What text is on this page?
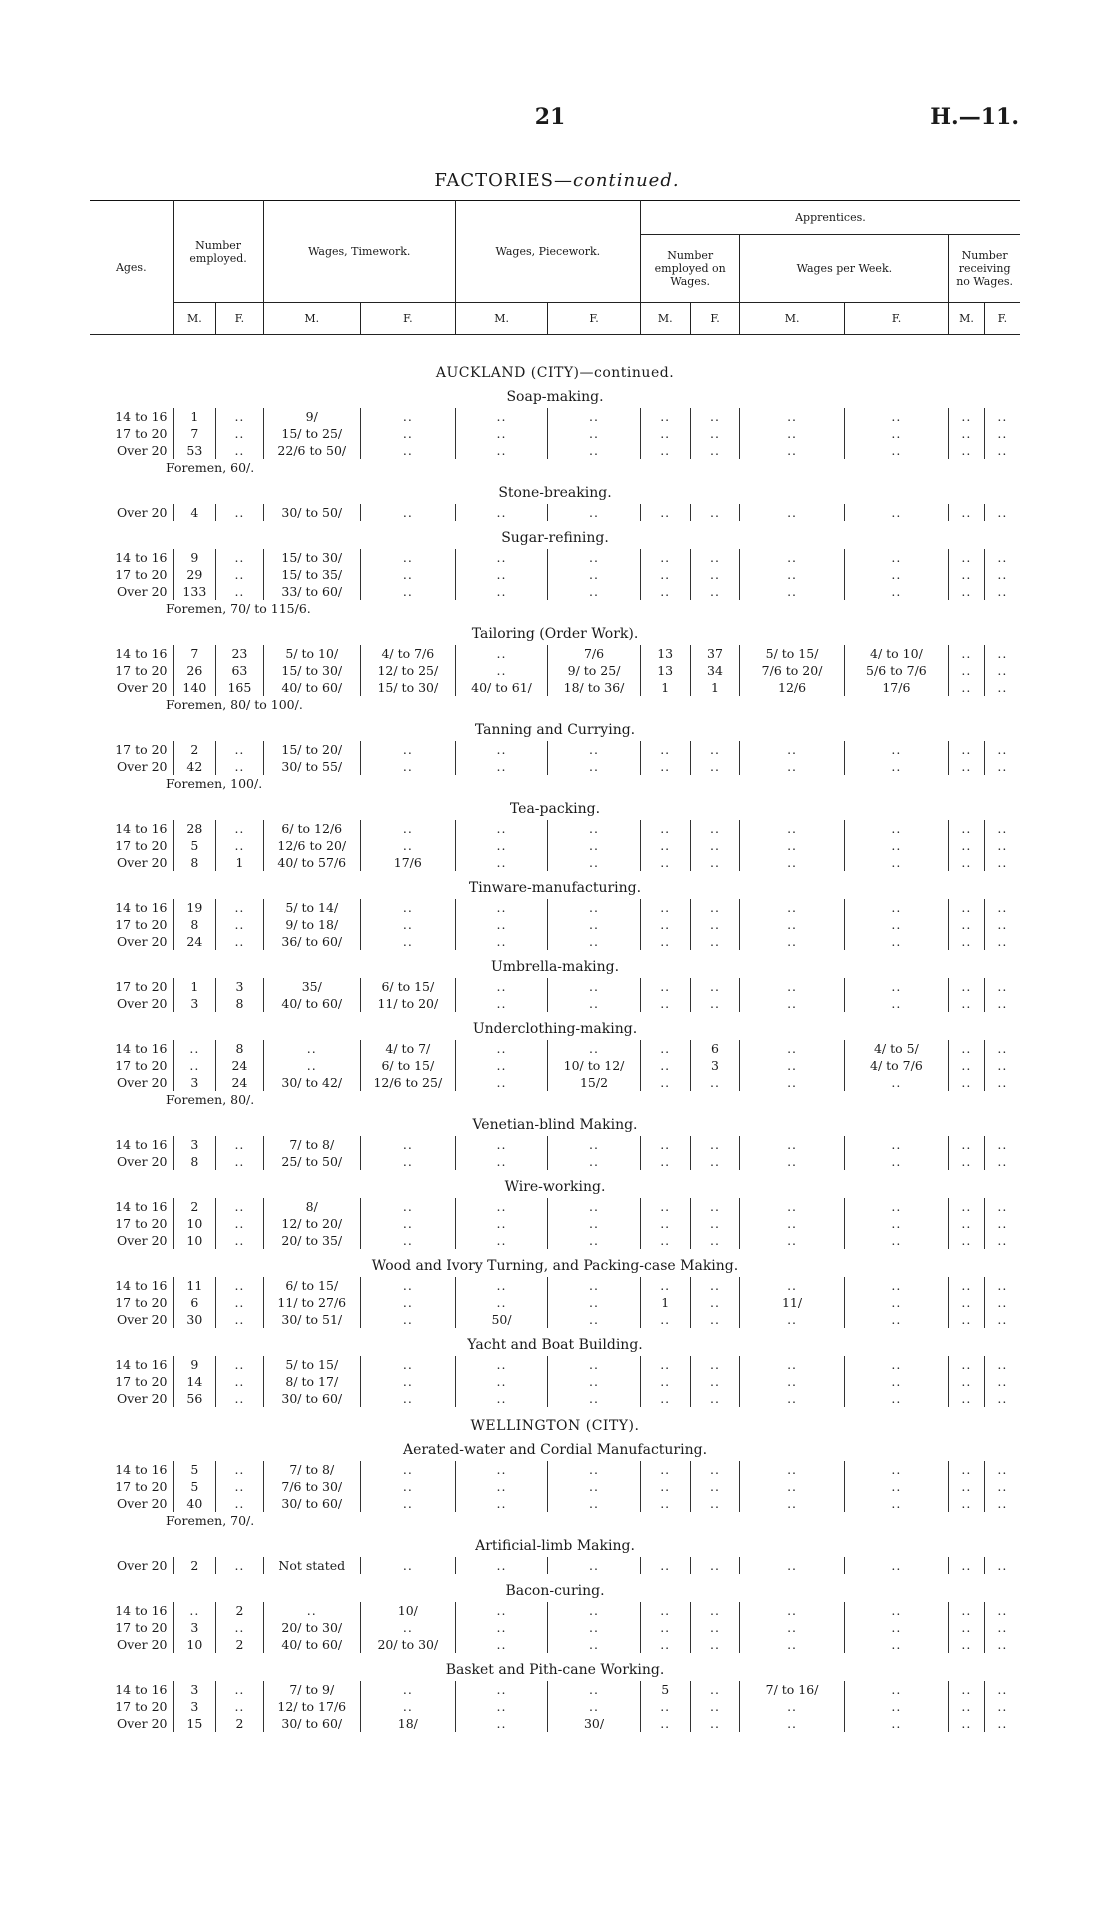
21	H.—11.
FACTORIES—continued.
Ages.	Number employed.		Wages, Timework.		Wages, Piecework.		Apprentices.					
							Number employed on Wages.		Wages per Week.		Number receiving no Wages.	
	M.	F.	M.	F.	M.	F.	M.	F.	M.	F.	M.	F.
AUCKLAND (CITY)—continued.												
Soap-making.												
14 to 16	1	..	9/	..	..	..	..	..	..	..	..	..
17 to 20	7	..	15/ to 25/	..	..	..	..	..	..	..	..	..
Over 20	53	..	22/6 to 50/	..	..	..	..	..	..	..	..	..
Foremen, 60/.												

Stone-breaking.												
Over 20	4	..	30/ to 50/	..	..	..	..	..	..	..	..	..

Sugar-refining.												
14 to 16	9	..	15/ to 30/	..	..	..	..	..	..	..	..	..
17 to 20	29	..	15/ to 35/	..	..	..	..	..	..	..	..	..
Over 20	133	..	33/ to 60/	..	..	..	..	..	..	..	..	..
Foremen, 70/ to 115/6.												

Tailoring (Order Work).												
14 to 16	7	23	5/ to 10/	4/ to 7/6	..	7/6	13	37	5/ to 15/	4/ to 10/	..	..
17 to 20	26	63	15/ to 30/	12/ to 25/	..	9/ to 25/	13	34	7/6 to 20/	5/6 to 7/6	..	..
Over 20	140	165	40/ to 60/	15/ to 30/	40/ to 61/	18/ to 36/	1	1	12/6	17/6	..	..
Foremen, 80/ to 100/.												

Tanning and Currying.												
17 to 20	2	..	15/ to 20/	..	..	..	..	..	..	..	..	..
Over 20	42	..	30/ to 55/	..	..	..	..	..	..	..	..	..
Foremen, 100/.												

Tea-packing.												
14 to 16	28	..	6/ to 12/6	..	..	..	..	..	..	..	..	..
17 to 20	5	..	12/6 to 20/	..	..	..	..	..	..	..	..	..
Over 20	8	1	40/ to 57/6	17/6	..	..	..	..	..	..	..	..

Tinware-manufacturing.												
14 to 16	19	..	5/ to 14/	..	..	..	..	..	..	..	..	..
17 to 20	8	..	9/ to 18/	..	..	..	..	..	..	..	..	..
Over 20	24	..	36/ to 60/	..	..	..	..	..	..	..	..	..

Umbrella-making.												
17 to 20	1	3	35/	6/ to 15/	..	..	..	..	..	..	..	..
Over 20	3	8	40/ to 60/	11/ to 20/	..	..	..	..	..	..	..	..

Underclothing-making.												
14 to 16	..	8	..	4/ to 7/	..	..	..	6	..	4/ to 5/	..	..
17 to 20	..	24	..	6/ to 15/	..	10/ to 12/	..	3	..	4/ to 7/6	..	..
Over 20	3	24	30/ to 42/	12/6 to 25/	..	15/2	..	..	..	..	..	..
Foremen, 80/.												

Venetian-blind Making.												
14 to 16	3	..	7/ to 8/	..	..	..	..	..	..	..	..	..
Over 20	8	..	25/ to 50/	..	..	..	..	..	..	..	..	..

Wire-working.												
14 to 16	2	..	8/	..	..	..	..	..	..	..	..	..
17 to 20	10	..	12/ to 20/	..	..	..	..	..	..	..	..	..
Over 20	10	..	20/ to 35/	..	..	..	..	..	..	..	..	..

Wood and Ivory Turning, and Packing-case Making.												
14 to 16	11	..	6/ to 15/	..	..	..	..	..	..	..	..	..
17 to 20	6	..	11/ to 27/6	..	..	..	1	..	11/	..	..	..
Over 20	30	..	30/ to 51/	..	50/	..	..	..	..	..	..	..

Yacht and Boat Building.												
14 to 16	9	..	5/ to 15/	..	..	..	..	..	..	..	..	..
17 to 20	14	..	8/ to 17/	..	..	..	..	..	..	..	..	..
Over 20	56	..	30/ to 60/	..	..	..	..	..	..	..	..	..

WELLINGTON (CITY).												
Aerated-water and Cordial Manufacturing.												
14 to 16	5	..	7/ to 8/	..	..	..	..	..	..	..	..	..
17 to 20	5	..	7/6 to 30/	..	..	..	..	..	..	..	..	..
Over 20	40	..	30/ to 60/	..	..	..	..	..	..	..	..	..
Foremen, 70/.												

Artificial-limb Making.												
Over 20	2	..	Not stated	..	..	..	..	..	..	..	..	..

Bacon-curing.												
14 to 16	..	2	..	10/	..	..	..	..	..	..	..	..
17 to 20	3	..	20/ to 30/	..	..	..	..	..	..	..	..	..
Over 20	10	2	40/ to 60/	20/ to 30/	..	..	..	..	..	..	..	..

Basket and Pith-cane Working.												
14 to 16	3	..	7/ to 9/	..	..	..	5	..	7/ to 16/	..	..	..
17 to 20	3	..	12/ to 17/6	..	..	..	..	..	..	..	..	..
Over 20	15	2	30/ to 60/	18/	..	30/	..	..	..	..	..	..
